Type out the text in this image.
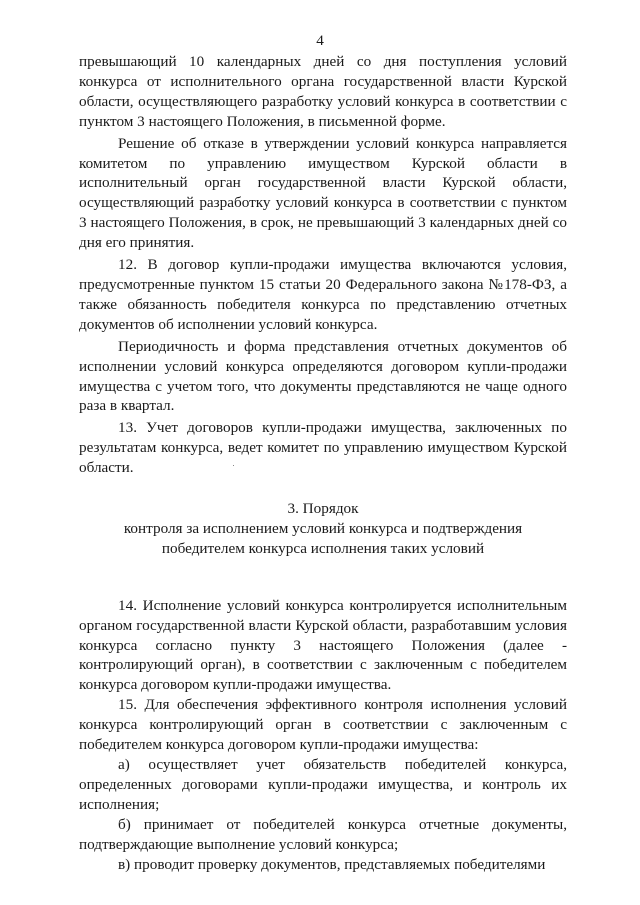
4

превышающий 10 календарных дней со дня поступления условий конкурса от исполнительного органа государственной власти Курской области, осуществляющего разработку условий конкурса в соответствии с пунктом 3 настоящего Положения, в письменной форме.

Решение об отказе в утверждении условий конкурса направляется комитетом по управлению имуществом Курской области в исполнительный орган государственной власти Курской области, осуществляющий разработку условий конкурса в соответствии с пунктом 3 настоящего Положения, в срок, не превышающий 3 календарных дней со дня его принятия.

12. В договор купли-продажи имущества включаются условия, предусмотренные пунктом 15 статьи 20 Федерального закона №178-ФЗ, а также обязанность победителя конкурса по представлению отчетных документов об исполнении условий конкурса.

Периодичность и форма представления отчетных документов об исполнении условий конкурса определяются договором купли-продажи имущества с учетом того, что документы представляются не чаще одного раза в квартал.

13. Учет договоров купли-продажи имущества, заключенных по результатам конкурса, ведет комитет по управлению имуществом Курской области.

3. Порядок

контроля за исполнением условий конкурса и подтверждения

победителем конкурса исполнения таких условий

14. Исполнение условий конкурса контролируется исполнительным органом государственной власти Курской области, разработавшим условия конкурса согласно пункту 3 настоящего Положения (далее - контролирующий орган), в соответствии с заключенным с победителем конкурса договором купли-продажи имущества.

15. Для обеспечения эффективного контроля исполнения условий конкурса контролирующий орган в соответствии с заключенным с победителем конкурса договором купли-продажи имущества:

а) осуществляет учет обязательств победителей конкурса, определенных договорами купли-продажи имущества, и контроль их исполнения;

б) принимает от победителей конкурса отчетные документы, подтверждающие выполнение условий конкурса;

в) проводит проверку документов, представляемых победителями
